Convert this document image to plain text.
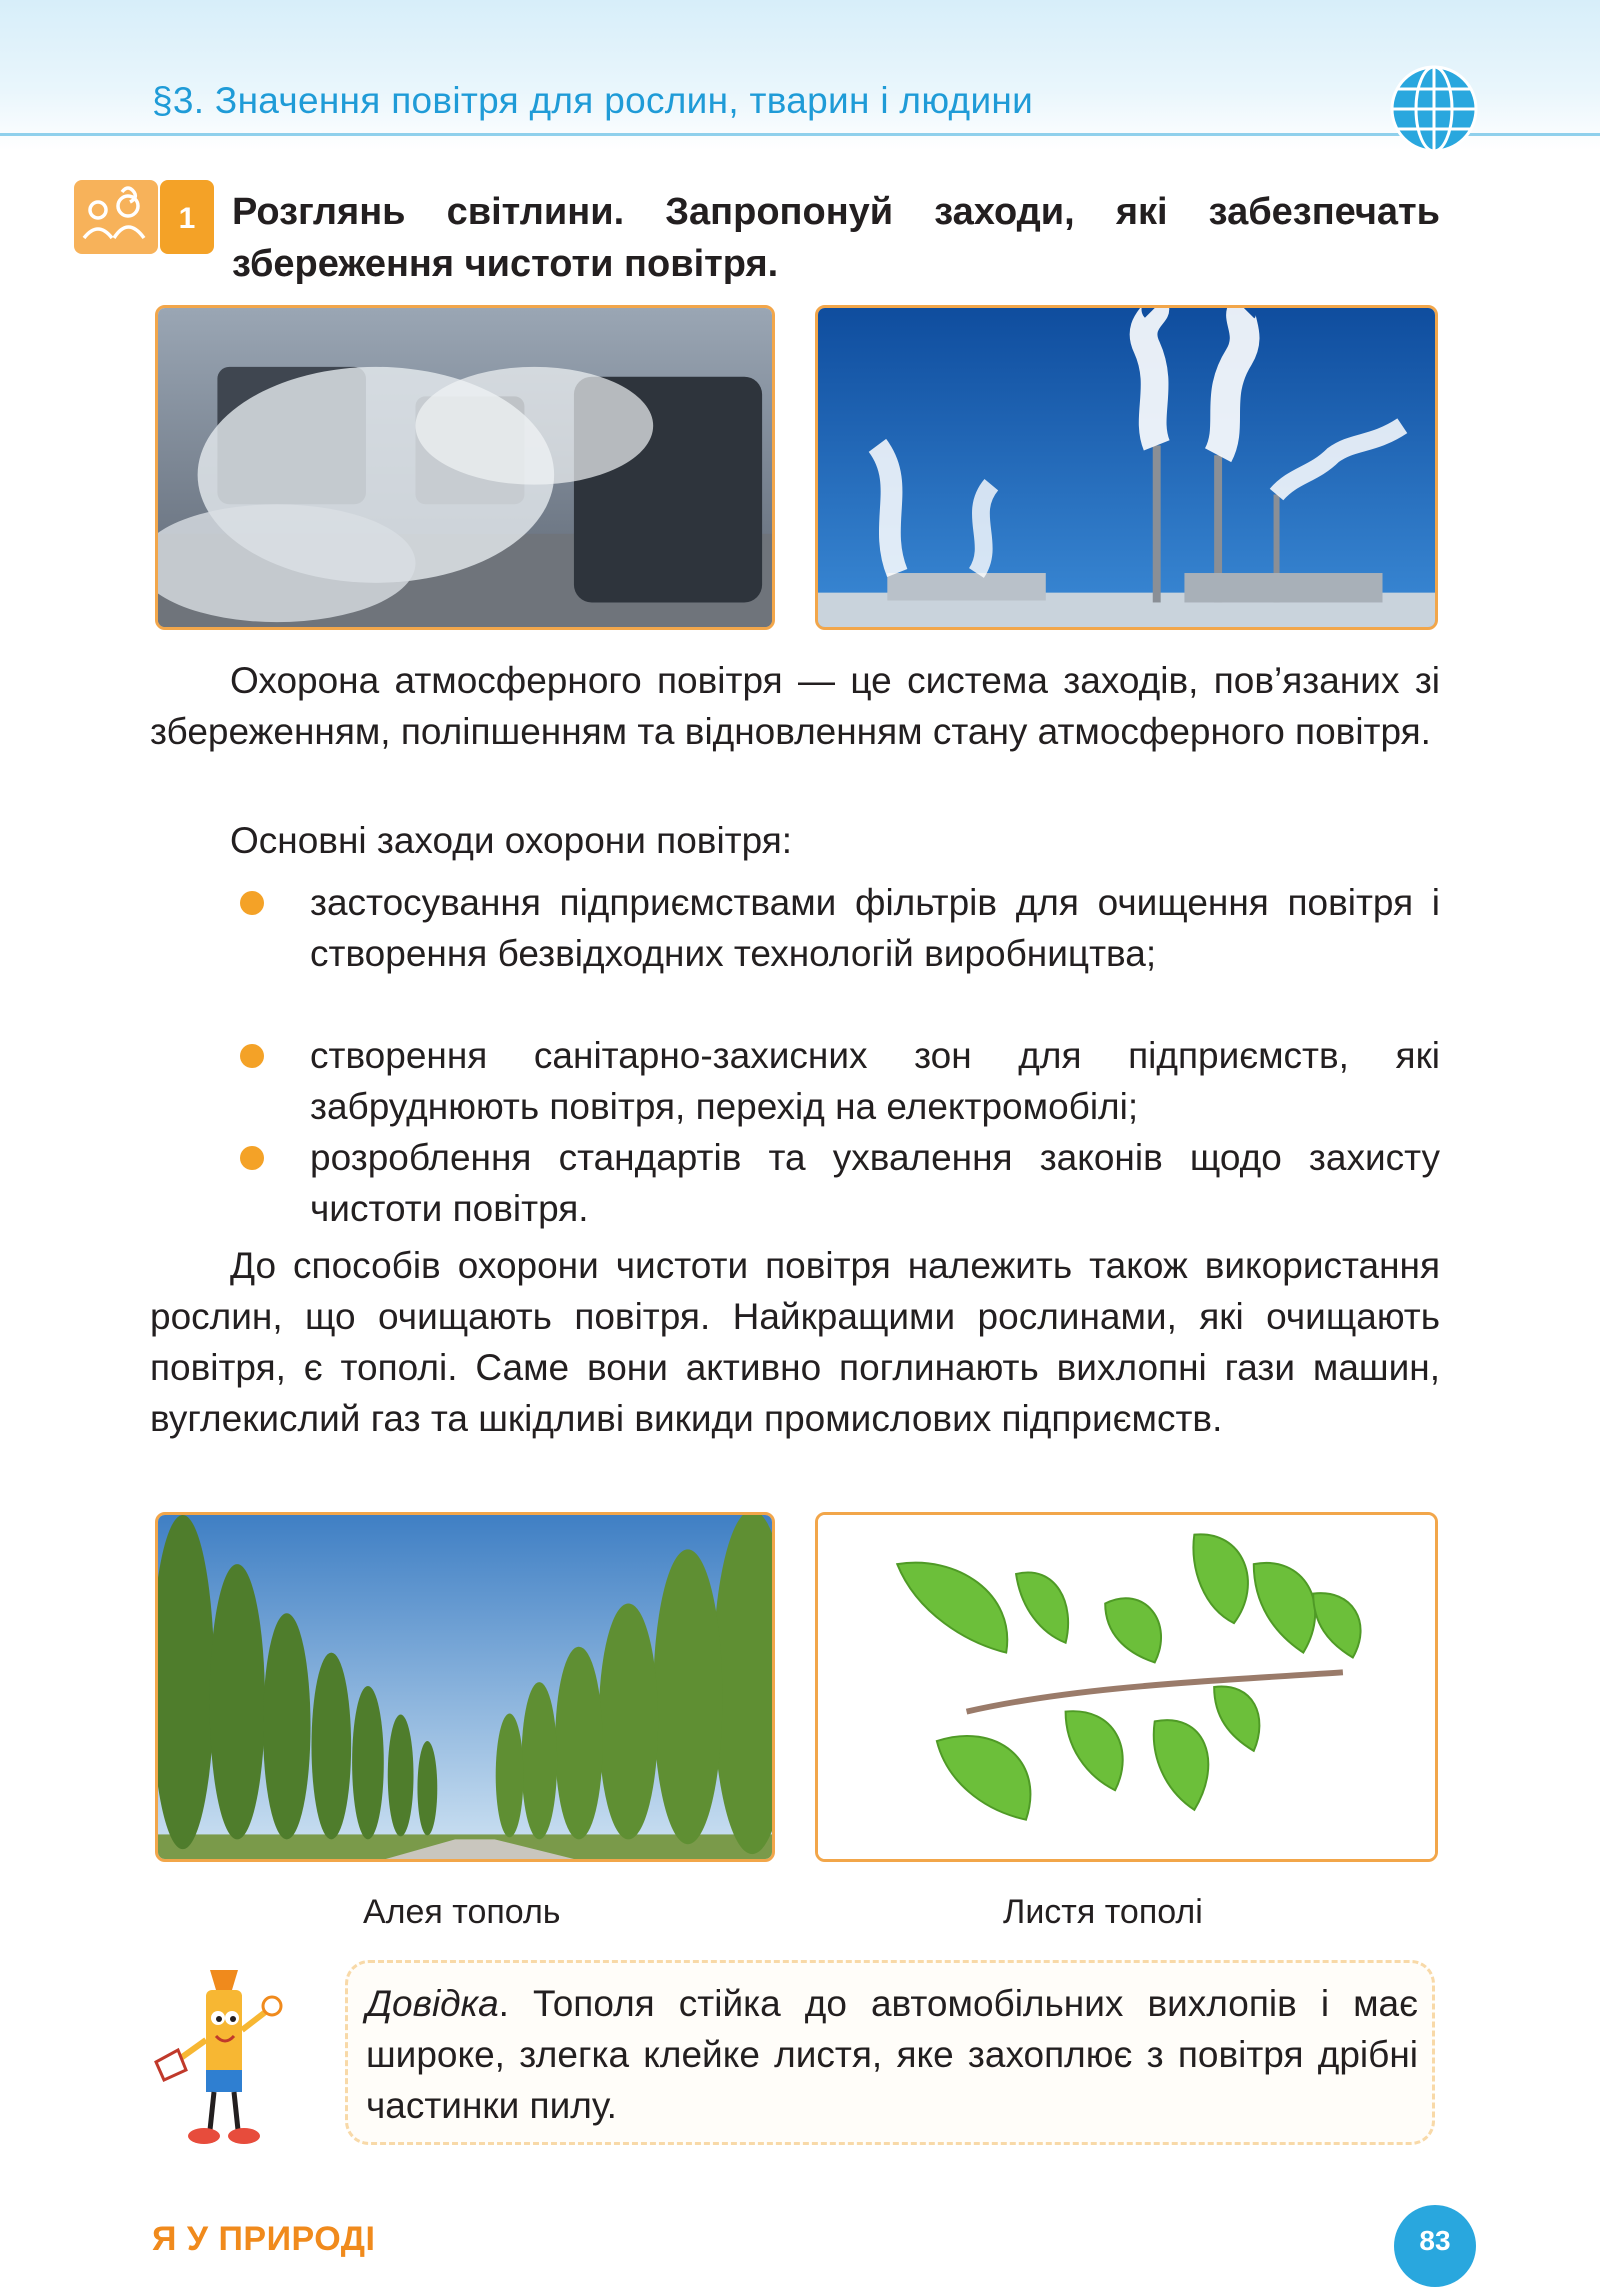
§3. Значення повітря для рослин, тварин і людини
1 Розглянь світлини. Запропонуй заходи, які забезпечать збереження чистоти повітря.

Охорона атмосферного повітря — це система заходів, пов’язаних зі збереженням, поліпшенням та відновленням стану атмосферного повітря.

Основні заходи охорони повітря:

застосування підприємствами фільтрів для очищення повітря і створення безвідходних технологій виробництва;
створення санітарно-захисних зон для підприємств, які забруднюють повітря, перехід на електромобілі;
розроблення стандартів та ухвалення законів щодо захисту чистоти повітря.

До способів охорони чистоти повітря належить також використання рослин, що очищають повітря. Найкращими рослинами, які очищають повітря, є тополі. Саме вони активно поглинають вихлопні гази машин, вуглекислий газ та шкідливі викиди промислових підприємств.

Алея тополь	Листя тополі
Довідка. Тополя стійка до автомобільних вихлопів і має широке, злегка клейке листя, яке захоплює з повітря дрібні частинки пилу.
Я У ПРИРОДІ	83
